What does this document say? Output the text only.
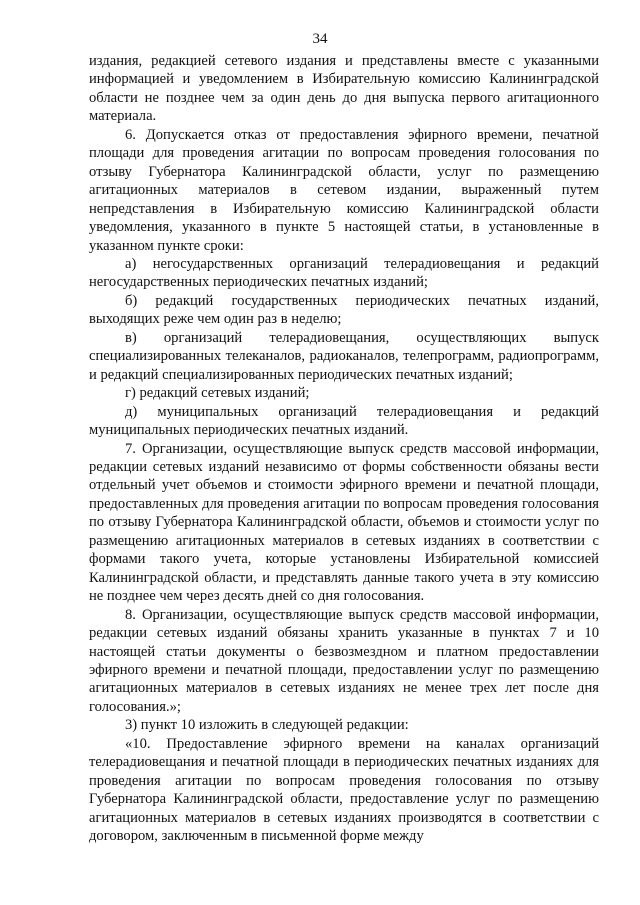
34

издания, редакцией сетевого издания и представлены вместе с указанными информацией и уведомлением в Избирательную комиссию Калининградской области не позднее чем за один день до дня выпуска первого агитационного материала.

6. Допускается отказ от предоставления эфирного времени, печатной площади для проведения агитации по вопросам проведения голосования по отзыву Губернатора Калининградской области, услуг по размещению агитационных материалов в сетевом издании, выраженный путем непредставления в Избирательную комиссию Калининградской области уведомления, указанного в пункте 5 настоящей статьи, в установленные в указанном пункте сроки:

а) негосударственных организаций телерадиовещания и редакций негосударственных периодических печатных изданий;

б) редакций государственных периодических печатных изданий, выходящих реже чем один раз в неделю;

в) организаций телерадиовещания, осуществляющих выпуск специализированных телеканалов, радиоканалов, телепрограмм, радиопрограмм, и редакций специализированных периодических печатных изданий;

г) редакций сетевых изданий;

д) муниципальных организаций телерадиовещания и редакций муниципальных периодических печатных изданий.

7. Организации, осуществляющие выпуск средств массовой информации, редакции сетевых изданий независимо от формы собственности обязаны вести отдельный учет объемов и стоимости эфирного времени и печатной площади, предоставленных для проведения агитации по вопросам проведения голосования по отзыву Губернатора Калининградской области, объемов и стоимости услуг по размещению агитационных материалов в сетевых изданиях в соответствии с формами такого учета, которые установлены Избирательной комиссией Калининградской области, и представлять данные такого учета в эту комиссию не позднее чем через десять дней со дня голосования.

8. Организации, осуществляющие выпуск средств массовой информации, редакции сетевых изданий обязаны хранить указанные в пунктах 7 и 10 настоящей статьи документы о безвозмездном и платном предоставлении эфирного времени и печатной площади, предоставлении услуг по размещению агитационных материалов в сетевых изданиях не менее трех лет после дня голосования.»;

3) пункт 10 изложить в следующей редакции:

«10. Предоставление эфирного времени на каналах организаций телерадиовещания и печатной площади в периодических печатных изданиях для проведения агитации по вопросам проведения голосования по отзыву Губернатора Калининградской области, предоставление услуг по размещению агитационных материалов в сетевых изданиях производятся в соответствии с договором, заключенным в письменной форме между
